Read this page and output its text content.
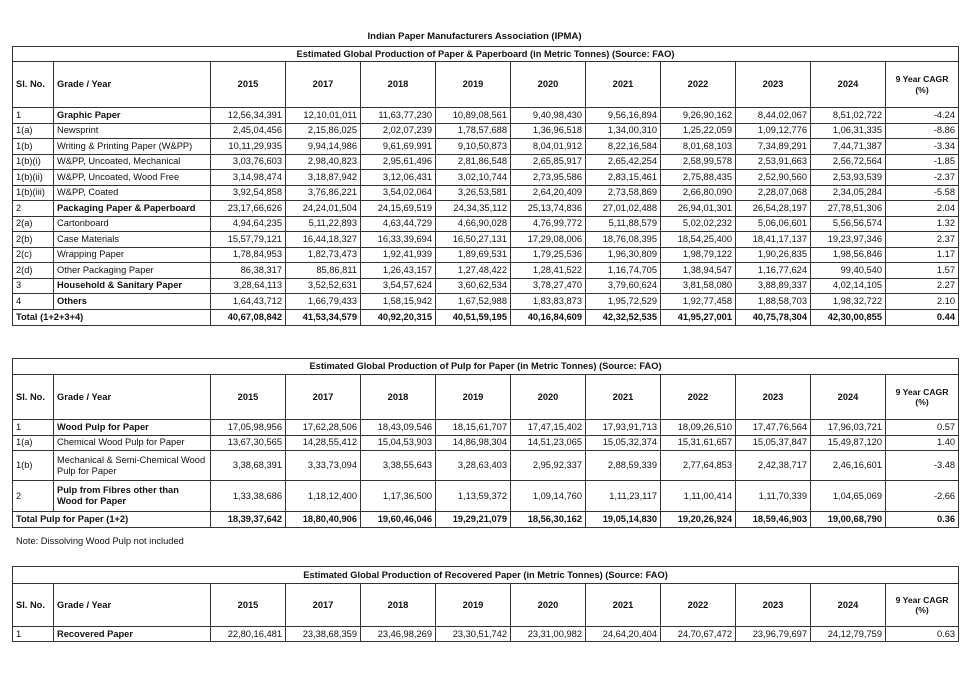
Indian Paper Manufacturers Association (IPMA)
Estimated Global Production of Paper & Paperboard (in Metric Tonnes) (Source: FAO)											
Sl. No.	Grade / Year	2015	2017	2018	2019	2020	2021	2022	2023	2024	9 Year CAGR (%)
1	Graphic Paper	12,56,34,391	12,10,01,011	11,63,77,230	10,89,08,561	9,40,98,430	9,56,16,894	9,26,90,162	8,44,02,067	8,51,02,722	-4.24
1(a)	Newsprint	2,45,04,456	2,15,86,025	2,02,07,239	1,78,57,688	1,36,96,518	1,34,00,310	1,25,22,059	1,09,12,776	1,06,31,335	-8.86
1(b)	Writing & Printing Paper (W&PP)	10,11,29,935	9,94,14,986	9,61,69,991	9,10,50,873	8,04,01,912	8,22,16,584	8,01,68,103	7,34,89,291	7,44,71,387	-3.34
1(b)(i)	W&PP, Uncoated, Mechanical	3,03,76,603	2,98,40,823	2,95,61,496	2,81,86,548	2,65,85,917	2,65,42,254	2,58,99,578	2,53,91,663	2,56,72,564	-1.85
1(b)(ii)	W&PP, Uncoated, Wood Free	3,14,98,474	3,18,87,942	3,12,06,431	3,02,10,744	2,73,95,586	2,83,15,461	2,75,88,435	2,52,90,560	2,53,93,539	-2.37
1(b)(iii)	W&PP, Coated	3,92,54,858	3,76,86,221	3,54,02,064	3,26,53,581	2,64,20,409	2,73,58,869	2,66,80,090	2,28,07,068	2,34,05,284	-5.58
2	Packaging Paper & Paperboard	23,17,66,626	24,24,01,504	24,15,69,519	24,34,35,112	25,13,74,836	27,01,02,488	26,94,01,301	26,54,28,197	27,78,51,306	2.04
2(a)	Cartonboard	4,94,64,235	5,11,22,893	4,63,44,729	4,66,90,028	4,76,99,772	5,11,88,579	5,02,02,232	5,06,06,601	5,56,56,574	1.32
2(b)	Case Materials	15,57,79,121	16,44,18,327	16,33,39,694	16,50,27,131	17,29,08,006	18,76,08,395	18,54,25,400	18,41,17,137	19,23,97,346	2.37
2(c)	Wrapping Paper	1,78,84,953	1,82,73,473	1,92,41,939	1,89,69,531	1,79,25,536	1,96,30,809	1,98,79,122	1,90,26,835	1,98,56,846	1.17
2(d)	Other Packaging Paper	86,38,317	85,86,811	1,26,43,157	1,27,48,422	1,28,41,522	1,16,74,705	1,38,94,547	1,16,77,624	99,40,540	1.57
3	Household & Sanitary Paper	3,28,64,113	3,52,52,631	3,54,57,624	3,60,62,534	3,78,27,470	3,79,60,624	3,81,58,080	3,88,89,337	4,02,14,105	2.27
4	Others	1,64,43,712	1,66,79,433	1,58,15,942	1,67,52,988	1,83,83,873	1,95,72,529	1,92,77,458	1,88,58,703	1,98,32,722	2.10
Total (1+2+3+4)		40,67,08,842	41,53,34,579	40,92,20,315	40,51,59,195	40,16,84,609	42,32,52,535	41,95,27,001	40,75,78,304	42,30,00,855	0.44
Estimated Global Production of Pulp for Paper (in Metric Tonnes) (Source: FAO)											
Sl. No.	Grade / Year	2015	2017	2018	2019	2020	2021	2022	2023	2024	9 Year CAGR (%)
1	Wood Pulp for Paper	17,05,98,956	17,62,28,506	18,43,09,546	18,15,61,707	17,47,15,402	17,93,91,713	18,09,26,510	17,47,76,564	17,96,03,721	0.57
1(a)	Chemical Wood Pulp for Paper	13,67,30,565	14,28,55,412	15,04,53,903	14,86,98,304	14,51,23,065	15,05,32,374	15,31,61,657	15,05,37,847	15,49,87,120	1.40
1(b)	Mechanical & Semi-Chemical Wood Pulp for Paper	3,38,68,391	3,33,73,094	3,38,55,643	3,28,63,403	2,95,92,337	2,88,59,339	2,77,64,853	2,42,38,717	2,46,16,601	-3.48
2	Pulp from Fibres other than Wood for Paper	1,33,38,686	1,18,12,400	1,17,36,500	1,13,59,372	1,09,14,760	1,11,23,117	1,11,00,414	1,11,70,339	1,04,65,069	-2.66
Total Pulp for Paper (1+2)		18,39,37,642	18,80,40,906	19,60,46,046	19,29,21,079	18,56,30,162	19,05,14,830	19,20,26,924	18,59,46,903	19,00,68,790	0.36
Estimated Global Production of Recovered Paper (in Metric Tonnes) (Source: FAO)											
Sl. No.	Grade / Year	2015	2017	2018	2019	2020	2021	2022	2023	2024	9 Year CAGR (%)
1	Recovered Paper	22,80,16,481	23,38,68,359	23,46,98,269	23,30,51,742	23,31,00,982	24,64,20,404	24,70,67,472	23,96,79,697	24,12,79,759	0.63
Note: Dissolving Wood Pulp not included
